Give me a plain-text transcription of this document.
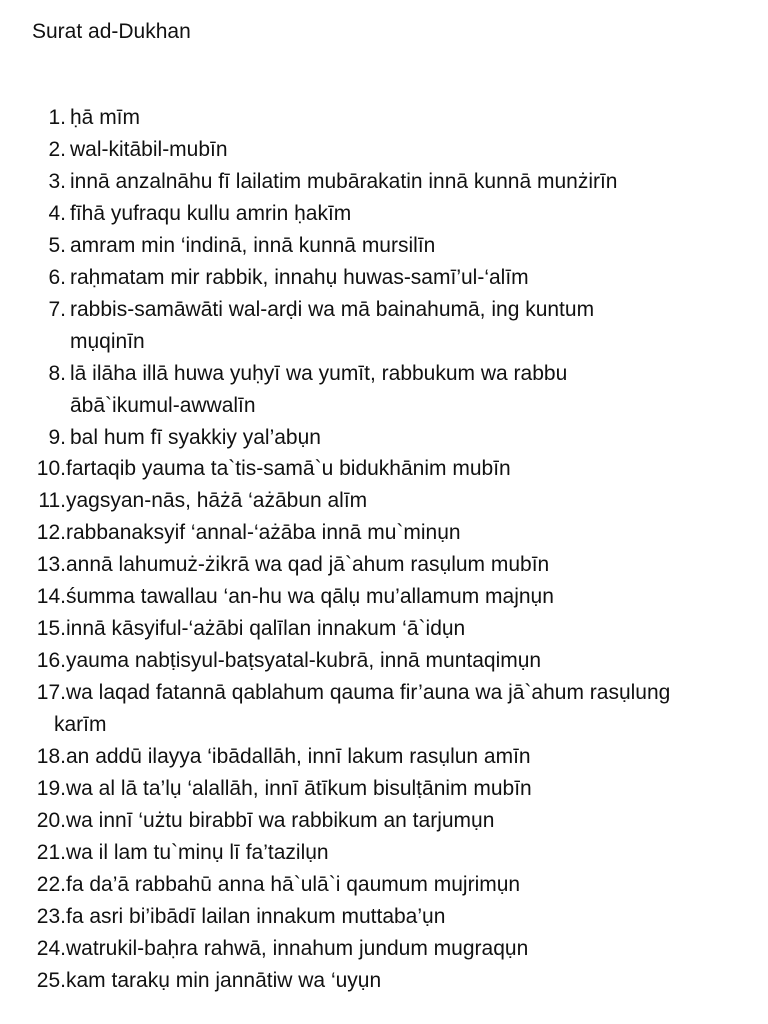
Surat ad-Dukhan
1. ḥā mīm
2. wal-kitābil-mubīn
3. innā anzalnāhu fī lailatim mubārakatin innā kunnā munżirīn
4. fīhā yufraqu kullu amrin ḥakīm
5. amram min ‘indinā, innā kunnā mursilīn
6. raḥmatam mir rabbik, innahụ huwas-samī’ul-‘alīm
7. rabbis-samāwāti wal-arḍi wa mā bainahumā, ing kuntum
mụqinīn
8. lā ilāha illā huwa yuḥyī wa yumīt, rabbukum wa rabbu
ābā`ikumul-awwalīn
9. bal hum fī syakkiy yal’abụn
10. fartaqib yauma ta`tis-samā`u bidukhānim mubīn
11. yagsyan-nās, hāżā ‘ażābun alīm
12. rabbanaksyif ‘annal-‘ażāba innā mu`minụn
13. annā lahumuż-żikrā wa qad jā`ahum rasụlum mubīn
14. śumma tawallau ‘an-hu wa qālụ mu’allamum majnụn
15. innā kāsyiful-‘ażābi qalīlan innakum ‘ā`idụn
16. yauma nabṭisyul-baṭsyatal-kubrā, innā muntaqimụn
17. wa laqad fatannā qablahum qauma fir’auna wa jā`ahum rasụlung
karīm
18. an addū ilayya ‘ibādallāh, innī lakum rasụlun amīn
19. wa al lā ta’lụ ‘alallāh, innī ātīkum bisulṭānim mubīn
20. wa innī ‘użtu birabbī wa rabbikum an tarjumụn
21. wa il lam tu`minụ lī fa’tazilụn
22. fa da’ā rabbahū anna hā`ulā`i qaumum mujrimụn
23. fa asri bi’ibādī lailan innakum muttaba’ụn
24. watrukil-baḥra rahwā, innahum jundum mugraqụn
25. kam tarakụ min jannātiw wa ‘uyụn
